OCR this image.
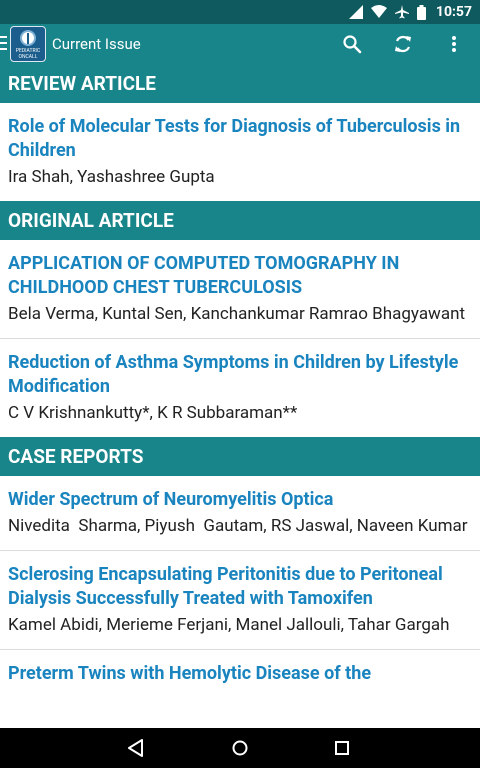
10:57
PEDIATRIC
ONCALL
Current Issue
REVIEW ARTICLE
Role of Molecular Tests for Diagnosis of Tuberculosis in Children
Ira Shah, Yashashree Gupta
ORIGINAL ARTICLE
APPLICATION OF COMPUTED TOMOGRAPHY IN CHILDHOOD CHEST TUBERCULOSIS
Bela Verma, Kuntal Sen, Kanchankumar Ramrao Bhagyawant
Reduction of Asthma Symptoms in Children by Lifestyle Modification
C V Krishnankutty*, K R Subbaraman**
CASE REPORTS
Wider Spectrum of Neuromyelitis Optica
Nivedita  Sharma, Piyush  Gautam, RS Jaswal, Naveen Kumar
Sclerosing Encapsulating Peritonitis due to Peritoneal Dialysis Successfully Treated with Tamoxifen
Kamel Abidi, Merieme Ferjani, Manel Jallouli, Tahar Gargah
Preterm Twins with Hemolytic Disease of the
